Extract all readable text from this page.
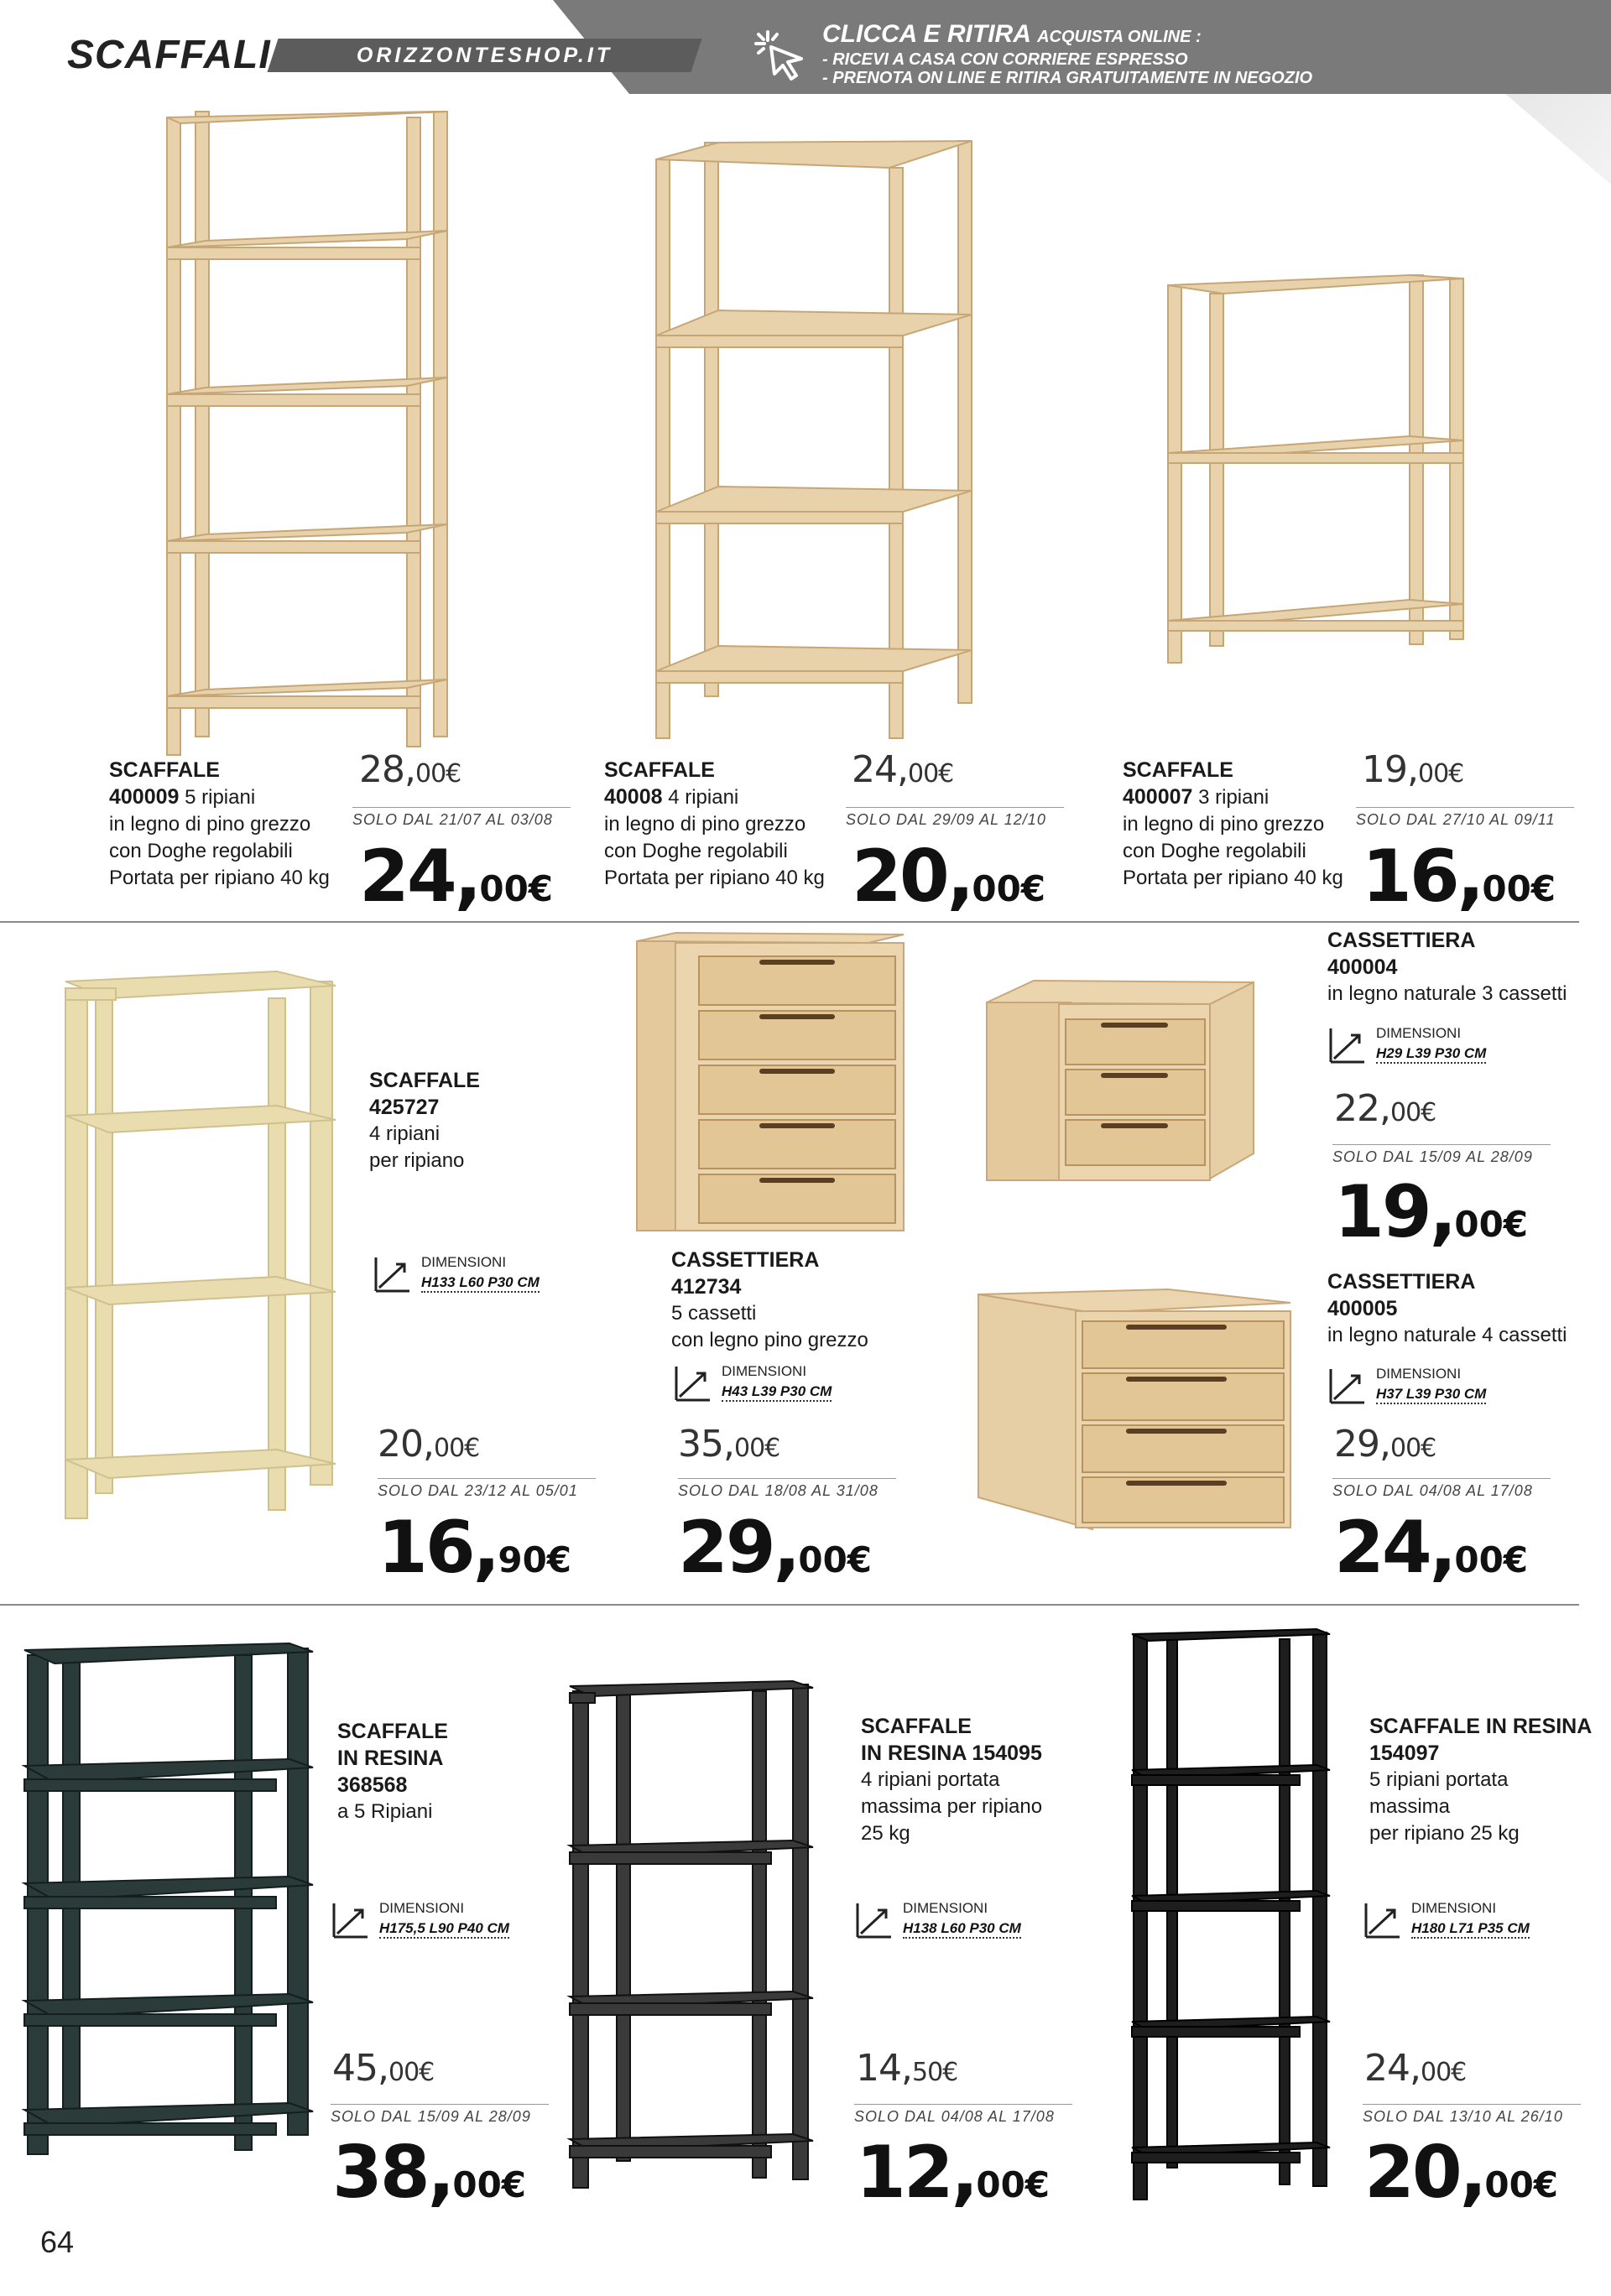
SCAFFALI	ORIZZONTESHOP.IT
CLICCA E RITIRA ACQUISTA ONLINE :
- RICEVI A CASA CON CORRIERE ESPRESSO
- PRENOTA ON LINE E RITIRA GRATUITAMENTE IN NEGOZIO
SCAFFALE
400009 5 ripiani
in legno di pino grezzo
con Doghe regolabili
Portata per ripiano 40 kg
28,00€
SOLO DAL 21/07 AL 03/08
24,00€
SCAFFALE
40008 4 ripiani
in legno di pino grezzo
con Doghe regolabili
Portata per ripiano 40 kg
24,00€
SOLO DAL 29/09 AL 12/10
20,00€
SCAFFALE
400007 3 ripiani
in legno di pino grezzo
con Doghe regolabili
Portata per ripiano 40 kg
19,00€
SOLO DAL 27/10 AL 09/11
16,00€
SCAFFALE
425727
4 ripiani
per ripiano
DIMENSIONI
H133 L60 P30 CM
20,00€
SOLO DAL 23/12 AL 05/01
16,90€
CASSETTIERA
412734
5 cassetti
con legno pino grezzo
DIMENSIONI
H43 L39 P30 CM
35,00€
SOLO DAL 18/08 AL 31/08
29,00€
CASSETTIERA
400004
in legno naturale 3 cassetti
DIMENSIONI
H29 L39 P30 CM
22,00€
SOLO DAL 15/09 AL 28/09
19,00€
CASSETTIERA
400005
in legno naturale 4 cassetti
DIMENSIONI
H37 L39 P30 CM
29,00€
SOLO DAL 04/08 AL 17/08
24,00€
SCAFFALE
IN RESINA
368568
a 5 Ripiani
DIMENSIONI
H175,5 L90 P40 CM
45,00€
SOLO DAL 15/09 AL 28/09
38,00€
SCAFFALE
IN RESINA 154095
4 ripiani portata
massima per ripiano
25 kg
DIMENSIONI
H138 L60 P30 CM
14,50€
SOLO DAL 04/08 AL 17/08
12,00€
SCAFFALE IN RESINA
154097
5 ripiani portata
massima
per ripiano 25 kg
DIMENSIONI
H180 L71 P35 CM
24,00€
SOLO DAL 13/10 AL 26/10
20,00€
64
